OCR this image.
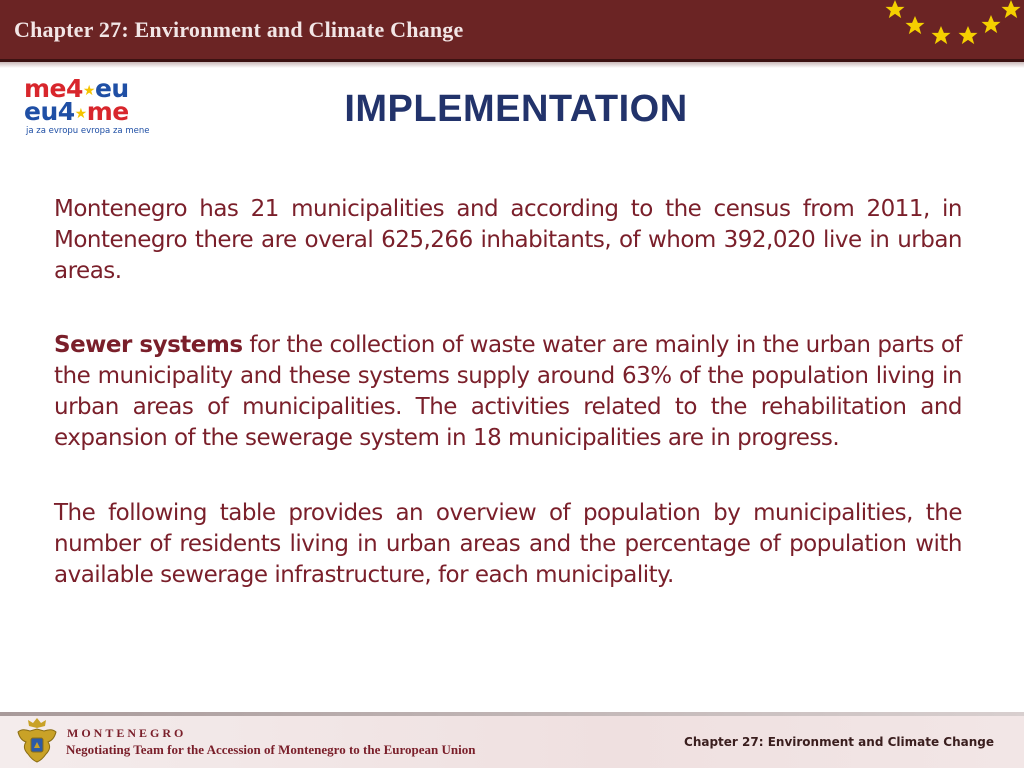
Chapter 27: Environment and Climate Change
me4★eu
eu4★me
ja za evropu evropa za mene
IMPLEMENTATION

Montenegro has 21 municipalities and according to the census from 2011, in Montenegro there are overal 625,266 inhabitants, of whom 392,020 live in urban areas.

Sewer systems for the collection of waste water are mainly in the urban parts of the municipality and these systems supply around 63% of the population living in urban areas of municipalities. The activities related to the rehabilitation and expansion of the sewerage system in 18 municipalities are in progress.

The following table provides an overview of population by municipalities, the number of residents living in urban areas and the percentage of population with available sewerage infrastructure, for each municipality.

MONTENEGRO
Negotiating Team for the Accession of Montenegro to the European Union	Chapter 27: Environment and Climate Change
